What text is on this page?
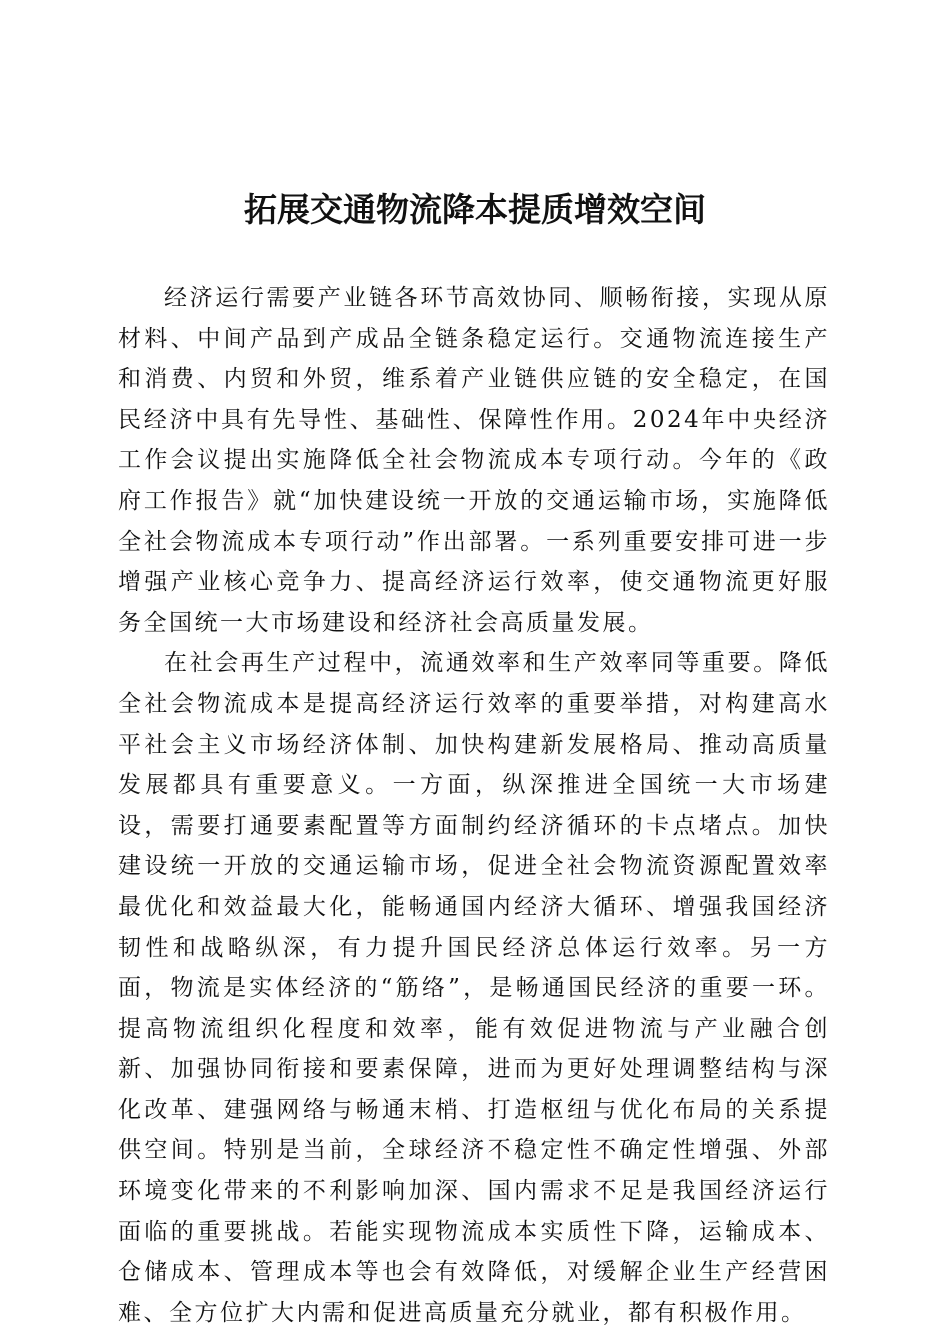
拓展交通物流降本提质增效空间

经济运行需要产业链各环节高效协同、顺畅衔接，实现从原材料、中间产品到产成品全链条稳定运行。交通物流连接生产和消费、内贸和外贸，维系着产业链供应链的安全稳定，在国民经济中具有先导性、基础性、保障性作用。2024年中央经济工作会议提出实施降低全社会物流成本专项行动。今年的《政府工作报告》就“加快建设统一开放的交通运输市场，实施降低全社会物流成本专项行动”作出部署。一系列重要安排可进一步增强产业核心竞争力、提高经济运行效率，使交通物流更好服务全国统一大市场建设和经济社会高质量发展。

在社会再生产过程中，流通效率和生产效率同等重要。降低全社会物流成本是提高经济运行效率的重要举措，对构建高水平社会主义市场经济体制、加快构建新发展格局、推动高质量发展都具有重要意义。一方面，纵深推进全国统一大市场建设，需要打通要素配置等方面制约经济循环的卡点堵点。加快建设统一开放的交通运输市场，促进全社会物流资源配置效率最优化和效益最大化，能畅通国内经济大循环、增强我国经济韧性和战略纵深，有力提升国民经济总体运行效率。另一方面，物流是实体经济的“筋络”，是畅通国民经济的重要一环。提高物流组织化程度和效率，能有效促进物流与产业融合创新、加强协同衔接和要素保障，进而为更好处理调整结构与深化改革、建强网络与畅通末梢、打造枢纽与优化布局的关系提供空间。特别是当前，全球经济不稳定性不确定性增强、外部环境变化带来的不利影响加深、国内需求不足是我国经济运行面临的重要挑战。若能实现物流成本实质性下降，运输成本、仓储成本、管理成本等也会有效降低，对缓解企业生产经营困难、全方位扩大内需和促进高质量充分就业，都有积极作用。
